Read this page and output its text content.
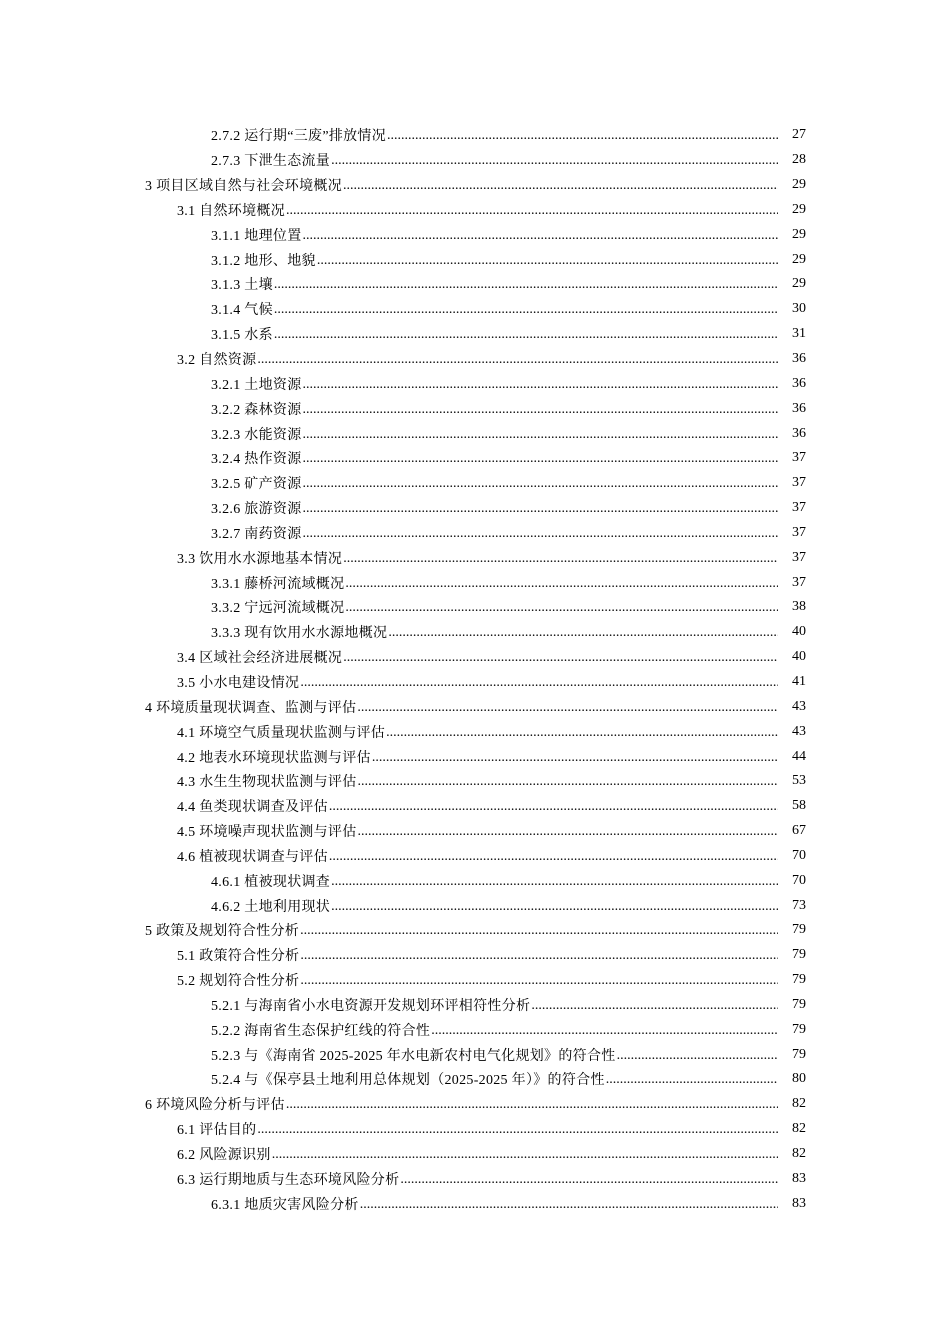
2.7.2 运行期“三废”排放情况 .....	27
2.7.3 下泄生态流量 .....	28
3 项目区域自然与社会环境概况 .....	29
3.1 自然环境概况 .....	29
3.1.1 地理位置 .....	29
3.1.2 地形、地貌 .....	29
3.1.3 土壤 .....	29
3.1.4 气候 .....	30
3.1.5 水系 .....	31
3.2 自然资源 .....	36
3.2.1 土地资源 .....	36
3.2.2 森林资源 .....	36
3.2.3 水能资源 .....	36
3.2.4 热作资源 .....	37
3.2.5 矿产资源 .....	37
3.2.6 旅游资源 .....	37
3.2.7 南药资源 .....	37
3.3 饮用水水源地基本情况 .....	37
3.3.1 藤桥河流域概况 .....	37
3.3.2 宁远河流域概况 .....	38
3.3.3 现有饮用水水源地概况 .....	40
3.4 区域社会经济进展概况 .....	40
3.5 小水电建设情况 .....	41
4 环境质量现状调查、监测与评估 .....	43
4.1 环境空气质量现状监测与评估 .....	43
4.2 地表水环境现状监测与评估 .....	44
4.3 水生生物现状监测与评估 .....	53
4.4 鱼类现状调查及评估 .....	58
4.5 环境噪声现状监测与评估 .....	67
4.6 植被现状调查与评估 .....	70
4.6.1 植被现状调查 .....	70
4.6.2 土地利用现状 .....	73
5 政策及规划符合性分析 .....	79
5.1 政策符合性分析 .....	79
5.2 规划符合性分析 .....	79
5.2.1 与海南省小水电资源开发规划环评相符性分析 .....	79
5.2.2 海南省生态保护红线的符合性 .....	79
5.2.3 与《海南省 2025-2025 年水电新农村电气化规划》的符合性 .....	79
5.2.4 与《保亭县土地利用总体规划（2025-2025 年）》的符合性 .....	80
6 环境风险分析与评估 .....	82
6.1 评估目的 .....	82
6.2 风险源识别 .....	82
6.3 运行期地质与生态环境风险分析 .....	83
6.3.1 地质灾害风险分析 .....	83
